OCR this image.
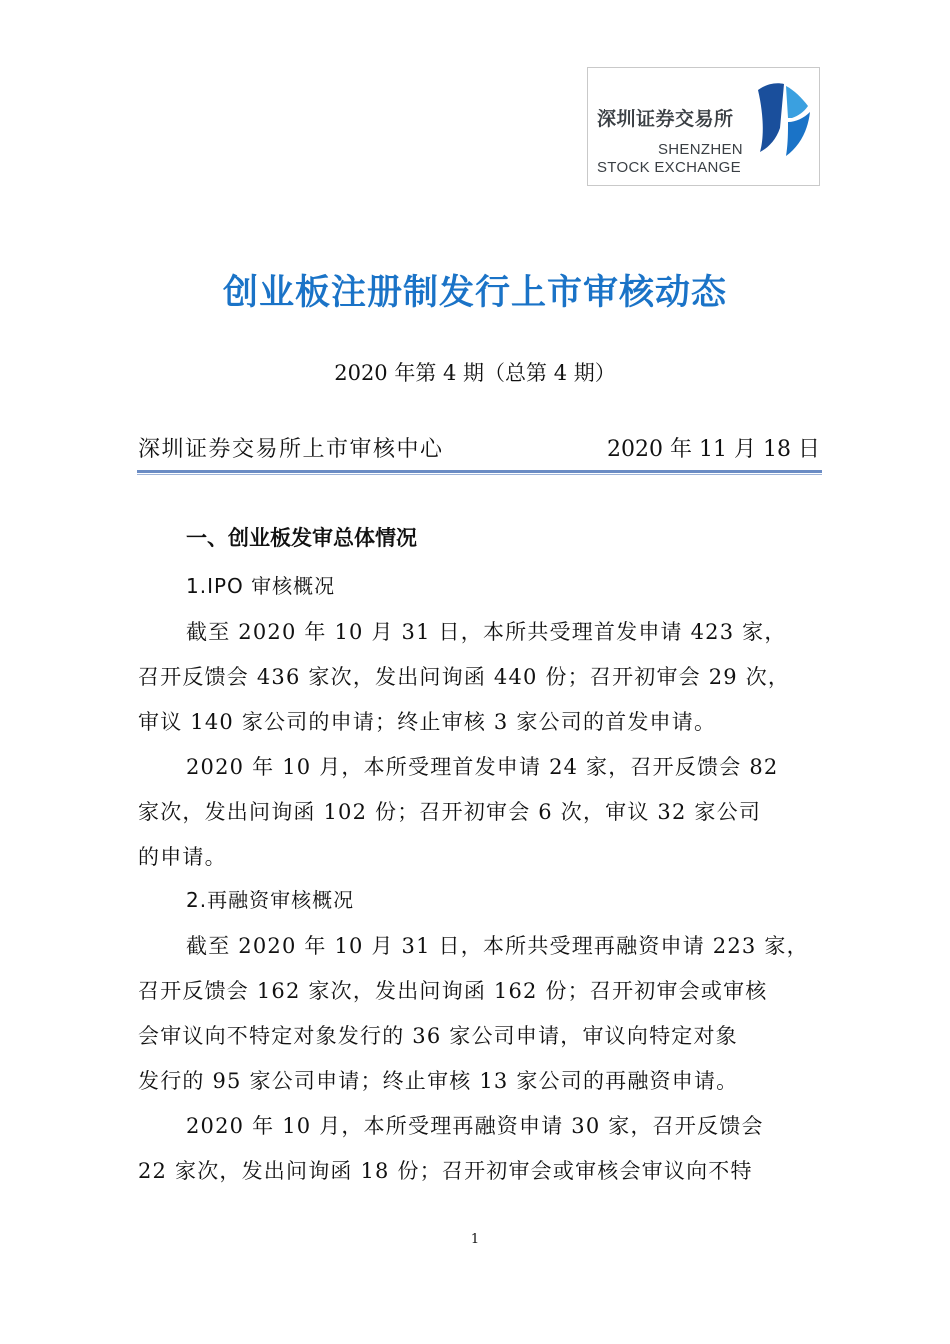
深圳证券交易所
SHENZHEN
STOCK EXCHANGE
创业板注册制发行上市审核动态
2020 年第 4 期（总第 4 期）
深圳证券交易所上市审核中心	2020 年 11 月 18 日
一、创业板发审总体情况
1.IPO 审核概况

截至 2020 年 10 月 31 日，本所共受理首发申请 423 家，
召开反馈会 436 家次，发出问询函 440 份；召开初审会 29 次，
审议 140 家公司的申请；终止审核 3 家公司的首发申请。

2020 年 10 月，本所受理首发申请 24 家，召开反馈会 82
家次，发出问询函 102 份；召开初审会 6 次，审议 32 家公司
的申请。

2.再融资审核概况

截至 2020 年 10 月 31 日，本所共受理再融资申请 223 家，
召开反馈会 162 家次，发出问询函 162 份；召开初审会或审核
会审议向不特定对象发行的 36 家公司申请，审议向特定对象
发行的 95 家公司申请；终止审核 13 家公司的再融资申请。

2020 年 10 月，本所受理再融资申请 30 家，召开反馈会
22 家次，发出问询函 18 份；召开初审会或审核会审议向不特

1
